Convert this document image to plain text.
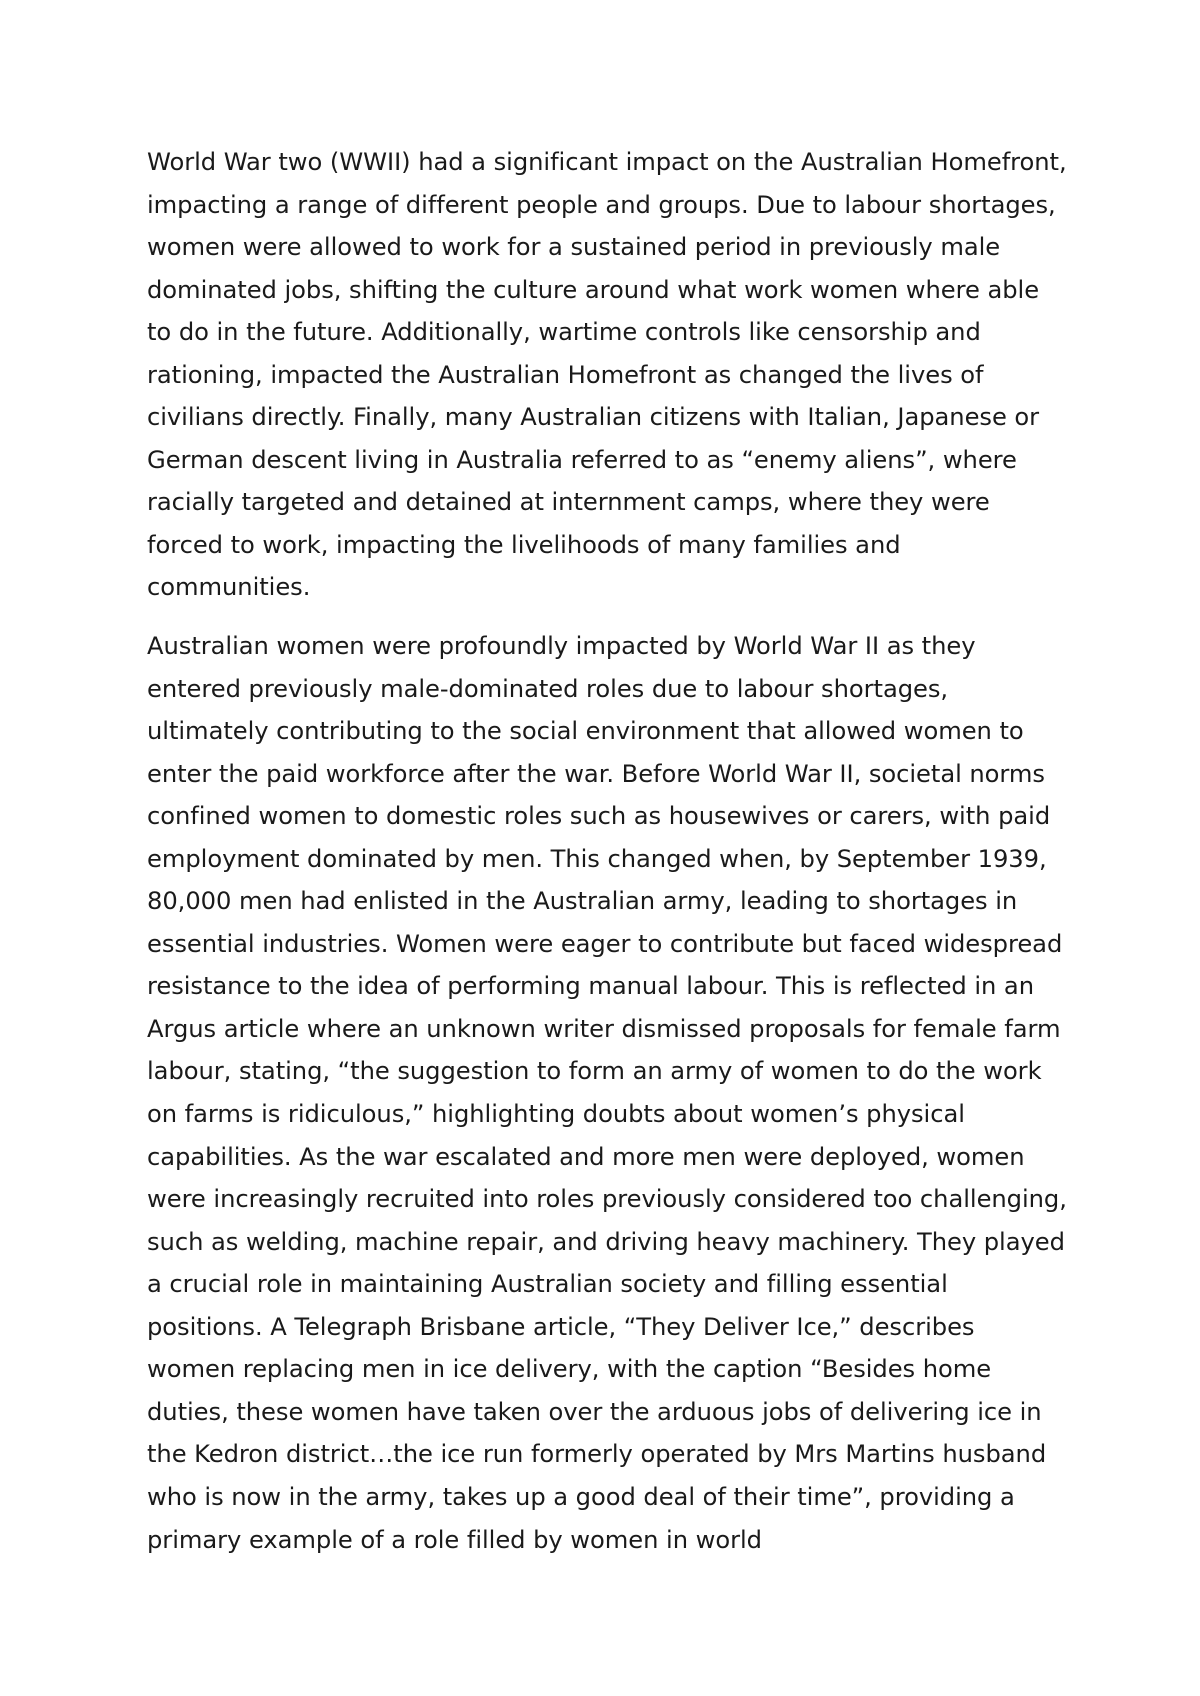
World War two (WWII) had a significant impact on the Australian Homefront, impacting a range of different people and groups. Due to labour shortages, women were allowed to work for a sustained period in previously male dominated jobs, shifting the culture around what work women where able to do in the future. Additionally, wartime controls like censorship and rationing, impacted the Australian Homefront as changed the lives of civilians directly. Finally, many Australian citizens with Italian, Japanese or German descent living in Australia referred to as “enemy aliens”, where racially targeted and detained at internment camps, where they were forced to work, impacting the livelihoods of many families and communities.

Australian women were profoundly impacted by World War II as they entered previously male-dominated roles due to labour shortages, ultimately contributing to the social environment that allowed women to enter the paid workforce after the war. Before World War II, societal norms confined women to domestic roles such as housewives or carers, with paid employment dominated by men. This changed when, by September 1939, 80,000 men had enlisted in the Australian army, leading to shortages in essential industries. Women were eager to contribute but faced widespread resistance to the idea of performing manual labour. This is reflected in an Argus article where an unknown writer dismissed proposals for female farm labour, stating, “the suggestion to form an army of women to do the work on farms is ridiculous,” highlighting doubts about women’s physical capabilities. As the war escalated and more men were deployed, women were increasingly recruited into roles previously considered too challenging, such as welding, machine repair, and driving heavy machinery. They played a crucial role in maintaining Australian society and filling essential positions. A Telegraph Brisbane article, “They Deliver Ice,” describes women replacing men in ice delivery, with the caption “Besides home duties, these women have taken over the arduous jobs of delivering ice in the Kedron district…the ice run formerly operated by Mrs Martins husband who is now in the army, takes up a good deal of their time”, providing a primary example of a role filled by women in world
